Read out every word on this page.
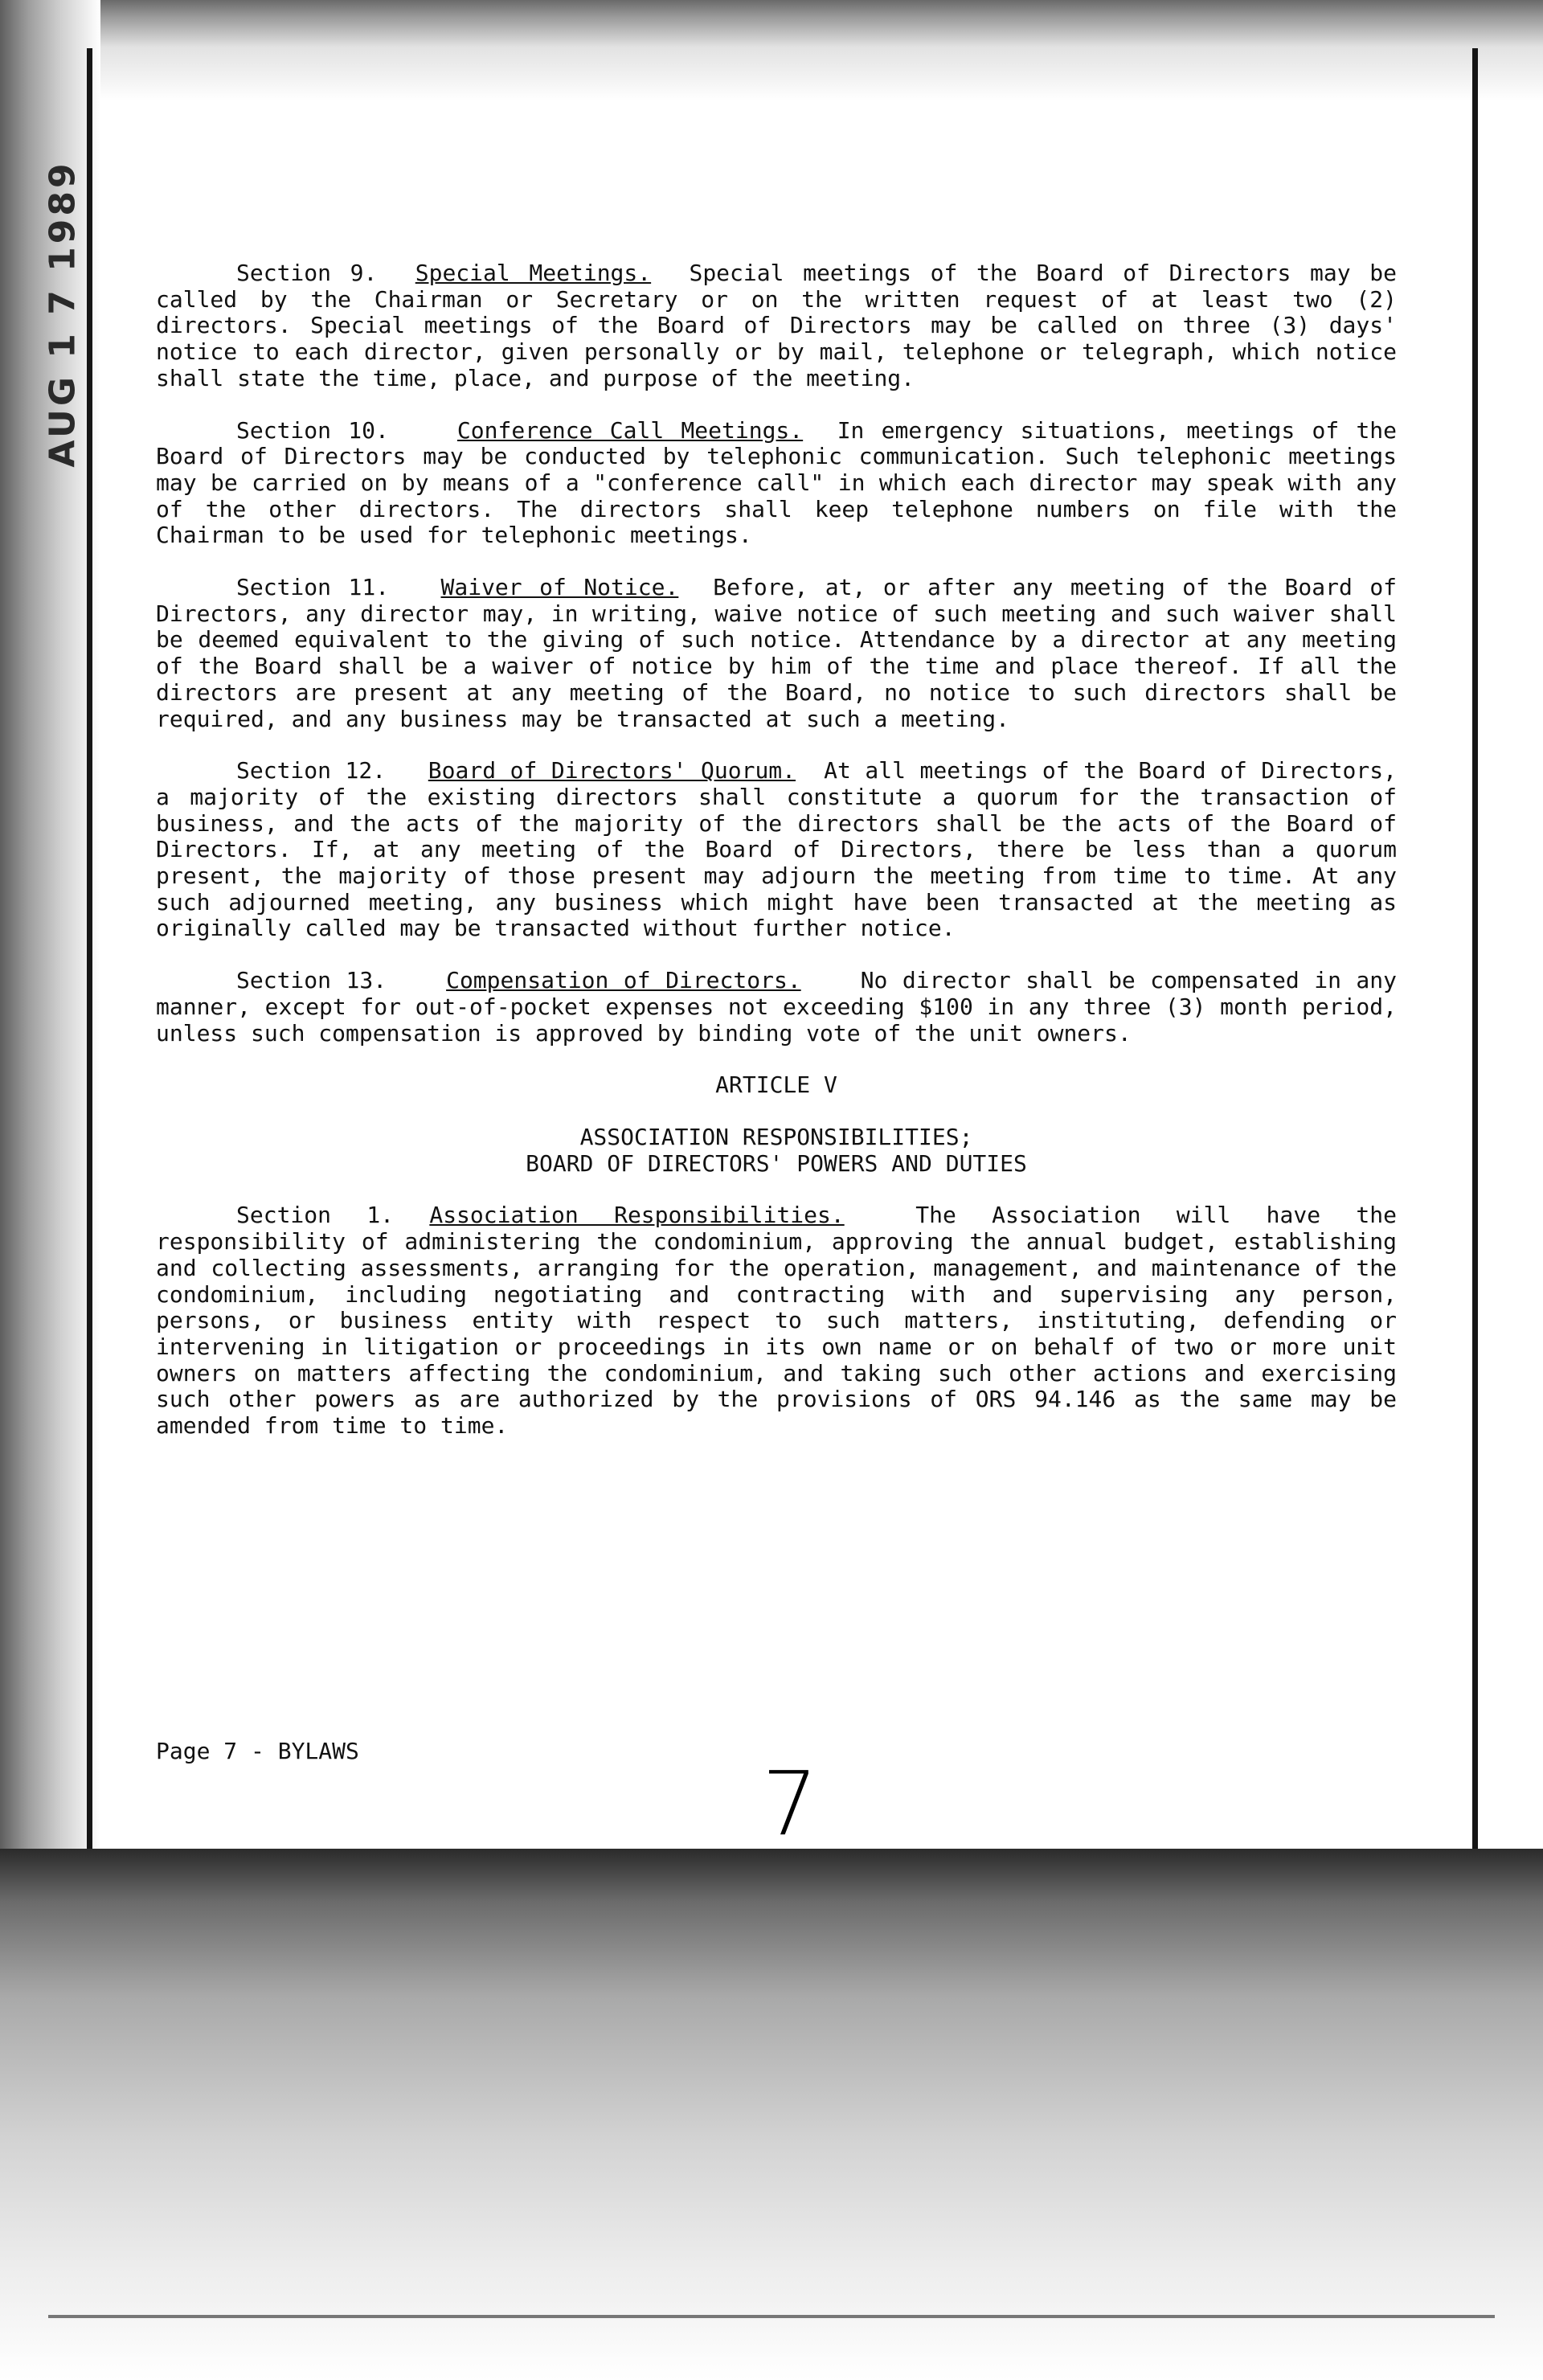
AUG 1 7 1989	Section 9. Special Meetings. Special meetings of the Board of Directors may be called by the Chairman or Secretary or on the written request of at least two (2) directors. Special meetings of the Board of Directors may be called on three (3) days' notice to each director, given personally or by mail, telephone or telegraph, which notice shall state the time, place, and purpose of the meeting.

Section 10.	Conference Call Meetings. In emergency situations, meetings of the Board of Directors may be conducted by telephonic communication. Such telephonic meetings may be carried on by means of a "conference call" in which each director may speak with any of the other directors. The directors shall keep telephone numbers on file with the Chairman to be used for telephonic meetings.

Section 11. Waiver of Notice. Before, at, or after any meeting of the Board of Directors, any director may, in writing, waive notice of such meeting and such waiver shall be deemed equivalent to the giving of such notice. Attendance by a director at any meeting of the Board shall be a waiver of notice by him of the time and place thereof. If all the directors are present at any meeting of the Board, no notice to such directors shall be required, and any business may be transacted at such a meeting.

Section 12. Board of Directors' Quorum. At all meetings of the Board of Directors, a majority of the existing directors shall constitute a quorum for the transaction of business, and the acts of the majority of the directors shall be the acts of the Board of Directors. If, at any meeting of the Board of Directors, there be less than a quorum present, the majority of those present may adjourn the meeting from time to time. At any such adjourned meeting, any business which might have been transacted at the meeting as originally called may be transacted without further notice.

Section 13.	Compensation of Directors.	No director shall be compensated in any manner, except for out-of-pocket expenses not exceeding $100 in any three (3) month period, unless such compensation is approved by binding vote of the unit owners.

ARTICLE V

ASSOCIATION RESPONSIBILITIES;
BOARD OF DIRECTORS' POWERS AND DUTIES

Section 1. Association Responsibilities.	The Association will have the responsibility of administering the condominium, approving the annual budget, establishing and collecting assessments, arranging for the operation, management, and maintenance of the condominium, including negotiating and contracting with and supervising any person, persons, or business entity with respect to such matters, instituting, defending or intervening in litigation or proceedings in its own name or on behalf of two or more unit owners on matters affecting the condominium, and taking such other actions and exercising such other powers as are authorized by the provisions of ORS 94.146 as the same may be amended from time to time.

Page 7 - BYLAWS
7
